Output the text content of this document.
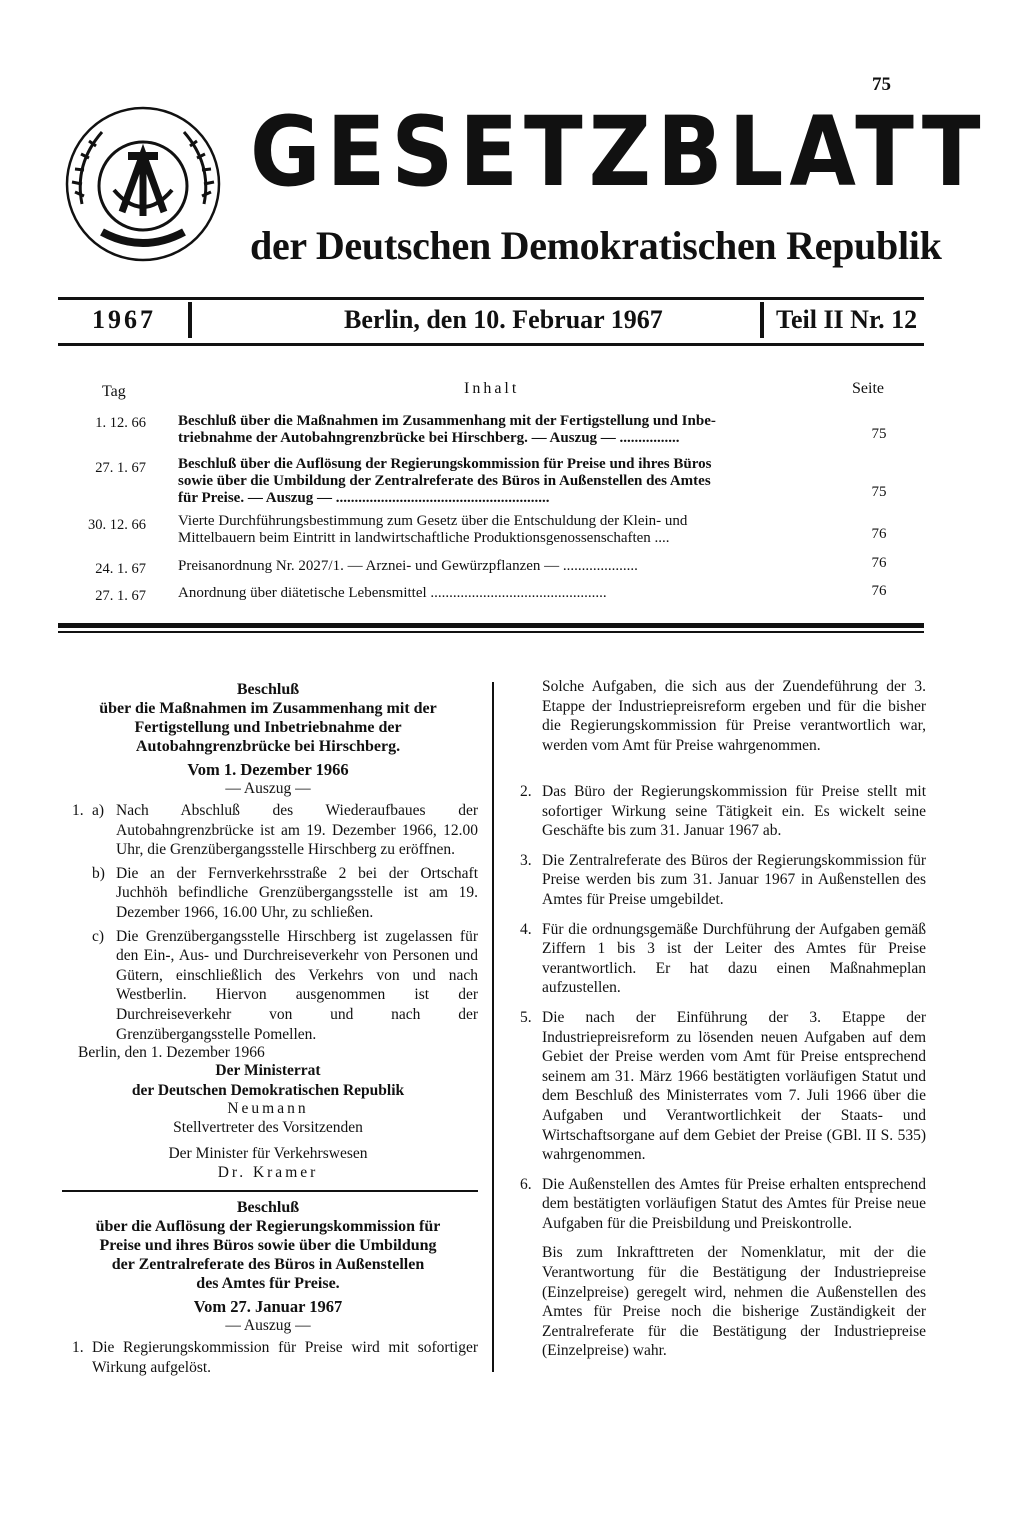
75
GESETZBLATT
der Deutschen Demokratischen Republik
1967	Berlin, den 10. Februar 1967	Teil II Nr. 12
Tag	Inhalt	Seite
1. 12. 66 Beschluß über die Maßnahmen im Zusammenhang mit der Fertigstellung und Inbe-
triebnahme der Autobahngrenzbrücke bei Hirschberg. — Auszug — ................	75
27. 1. 67 Beschluß über die Auflösung der Regierungskommission für Preise und ihres Büros
sowie über die Umbildung der Zentralreferate des Büros in Außenstellen des Amtes
für Preise. — Auszug — .........................................................	75
30. 12. 66 Vierte Durchführungsbestimmung zum Gesetz über die Entschuldung der Klein- und
Mittelbauern beim Eintritt in landwirtschaftliche Produktionsgenossenschaften ....	76
24. 1. 67 Preisanordnung Nr. 2027/1. — Arznei- und Gewürzpflanzen — ....................	76
27. 1. 67 Anordnung über diätetische Lebensmittel ...............................................	76
Beschluß
über die Maßnahmen im Zusammenhang mit der
Fertigstellung und Inbetriebnahme der
Autobahngrenzbrücke bei Hirschberg.
Vom 1. Dezember 1966
— Auszug —
1. a) Nach Abschluß des Wiederaufbaues der Autobahngrenzbrücke ist am 19. Dezember 1966, 12.00 Uhr, die Grenzübergangsstelle Hirschberg zu eröffnen.
b) Die an der Fernverkehrsstraße 2 bei der Ortschaft Juchhöh befindliche Grenzübergangsstelle ist am 19. Dezember 1966, 16.00 Uhr, zu schließen.
c) Die Grenzübergangsstelle Hirschberg ist zugelassen für den Ein-, Aus- und Durchreiseverkehr von Personen und Gütern, einschließlich des Verkehrs von und nach Westberlin. Hiervon ausgenommen ist der Durchreiseverkehr von und nach der Grenzübergangsstelle Pomellen.
Berlin, den 1. Dezember 1966
Der Ministerrat
der Deutschen Demokratischen Republik
Neumann
Stellvertreter des Vorsitzenden
Der Minister für Verkehrswesen
Dr. Kramer
Beschluß
über die Auflösung der Regierungskommission für
Preise und ihres Büros sowie über die Umbildung
der Zentralreferate des Büros in Außenstellen
des Amtes für Preise.
Vom 27. Januar 1967
— Auszug —
1. Die Regierungskommission für Preise wird mit sofortiger Wirkung aufgelöst.
Solche Aufgaben, die sich aus der Zuendeführung der 3. Etappe der Industriepreisreform ergeben und für die bisher die Regierungskommission für Preise verantwortlich war, werden vom Amt für Preise wahrgenommen.
2. Das Büro der Regierungskommission für Preise stellt mit sofortiger Wirkung seine Tätigkeit ein. Es wickelt seine Geschäfte bis zum 31. Januar 1967 ab.
3. Die Zentralreferate des Büros der Regierungskommission für Preise werden bis zum 31. Januar 1967 in Außenstellen des Amtes für Preise umgebildet.
4. Für die ordnungsgemäße Durchführung der Aufgaben gemäß Ziffern 1 bis 3 ist der Leiter des Amtes für Preise verantwortlich. Er hat dazu einen Maßnahmeplan aufzustellen.
5. Die nach der Einführung der 3. Etappe der Industriepreisreform zu lösenden neuen Aufgaben auf dem Gebiet der Preise werden vom Amt für Preise entsprechend seinem am 31. März 1966 bestätigten vorläufigen Statut und dem Beschluß des Ministerrates vom 7. Juli 1966 über die Aufgaben und Verantwortlichkeit der Staats- und Wirtschaftsorgane auf dem Gebiet der Preise (GBl. II S. 535) wahrgenommen.
6. Die Außenstellen des Amtes für Preise erhalten entsprechend dem bestätigten vorläufigen Statut des Amtes für Preise neue Aufgaben für die Preisbildung und Preiskontrolle.
Bis zum Inkrafttreten der Nomenklatur, mit der die Verantwortung für die Bestätigung der Industriepreise (Einzelpreise) geregelt wird, nehmen die Außenstellen des Amtes für Preise noch die bisherige Zuständigkeit der Zentralreferate für die Bestätigung der Industriepreise (Einzelpreise) wahr.
